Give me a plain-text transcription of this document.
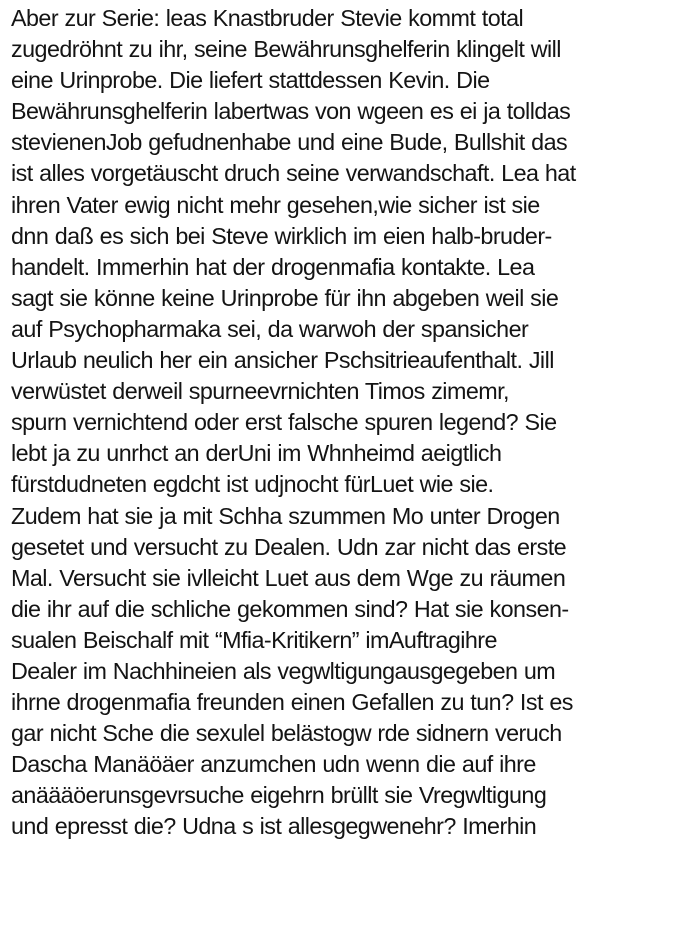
Aber zur Serie: leas Knastbruder Stevie kommt total
zugedröhnt zu ihr, seine Bewährunsghelferin klingelt will
eine Urinprobe. Die liefert stattdessen Kevin. Die
Bewährunsghelferin labertwas von wgeen es ei ja tolldas
stevienenJob gefudnenhabe und eine Bude, Bullshit das
ist alles vorgetäuscht druch seine verwandschaft. Lea hat
ihren Vater ewig nicht mehr gesehen,wie sicher ist sie
dnn daß es sich bei Steve wirklich im eien halb-bruder-
handelt. Immerhin hat der drogenmafia kontakte. Lea
sagt sie könne keine Urinprobe für ihn abgeben weil sie
auf Psychopharmaka sei, da warwoh der spansicher
Urlaub neulich her ein ansicher Pschsitrieaufenthalt. Jill
verwüstet derweil spurneevrnichten Timos zimemr,
spurn vernichtend oder erst falsche spuren legend? Sie
lebt ja zu unrhct an derUni im Whnheimd aeigtlich
fürstdudneten egdcht ist udjnocht fürLuet wie sie.
Zudem hat sie ja mit Schha szummen Mo unter Drogen
gesetet und versucht zu Dealen. Udn zar nicht das erste
Mal. Versucht sie ivlleicht Luet aus dem Wge zu räumen
die ihr auf die schliche gekommen sind? Hat sie konsen-
sualen Beischalf mit “Mfia-Kritikern” imAuftragihre
Dealer im Nachhineien als vegwltigungausgegeben um
ihrne drogenmafia freunden einen Gefallen zu tun? Ist es
gar nicht Sche die sexulel belästogw rde sidnern veruch
Dascha Manäöäer anzumchen udn wenn die auf ihre
anäääöerunsgevrsuche eigehrn brüllt sie Vregwltigung
und epresst die? Udna s ist allesgegwenehr? Imerhin
